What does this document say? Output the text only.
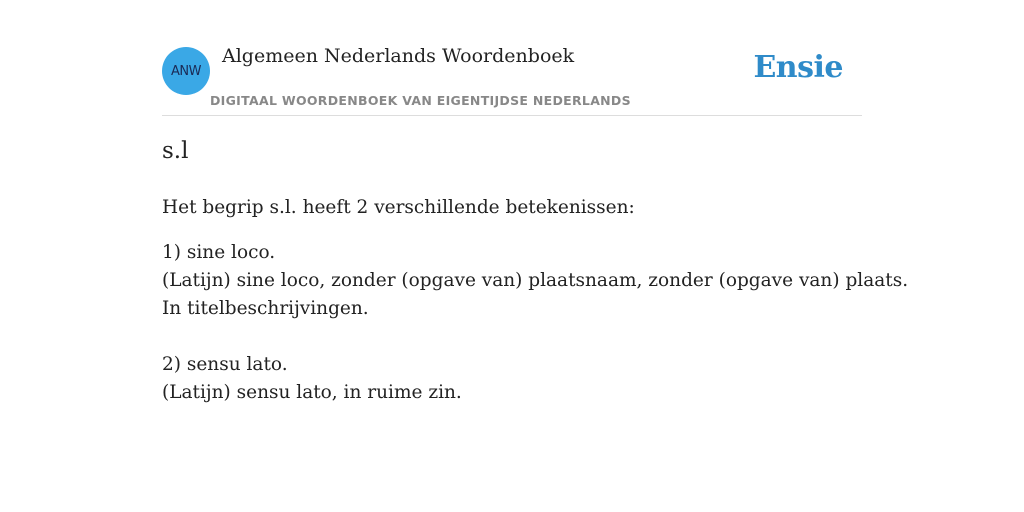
ANW
Algemeen Nederlands Woordenboek
DIGITAAL WOORDENBOEK VAN EIGENTIJDSE NEDERLANDS
Ensie
s.l

Het begrip s.l. heeft 2 verschillende betekenissen:

1) sine loco.
(Latijn) sine loco, zonder (opgave van) plaatsnaam, zonder (opgave van) plaats.
In titelbeschrijvingen.
2) sensu lato.
(Latijn) sensu lato, in ruime zin.
